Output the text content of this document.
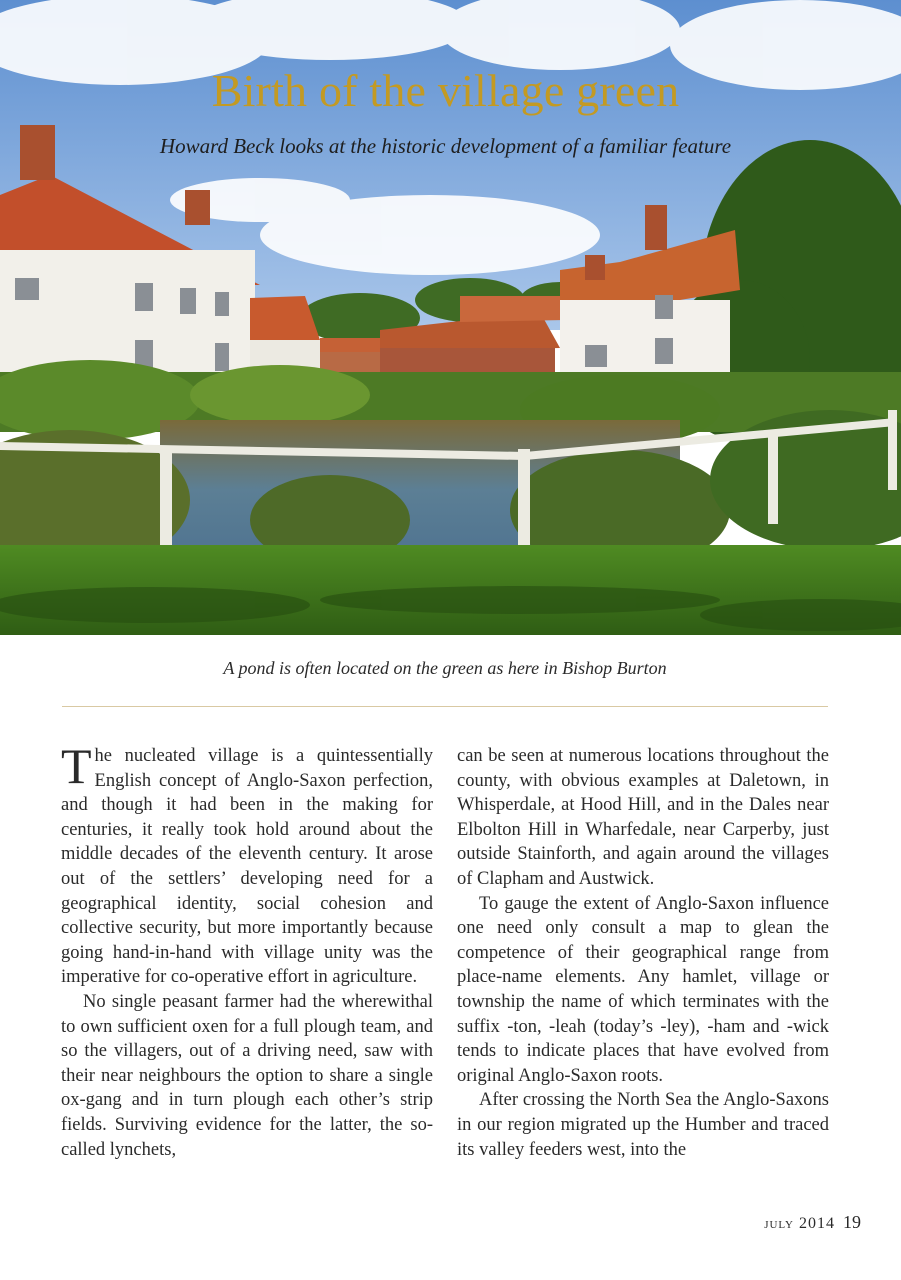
Birth of the village green

Howard Beck looks at the historic development of a familiar feature

A pond is often located on the green as here in Bishop Burton

The nucleated village is a quintessentially English concept of Anglo-Saxon perfection, and though it had been in the making for centuries, it really took hold around about the middle decades of the eleventh century. It arose out of the settlers’ developing need for a geographical identity, social cohesion and collective security, but more importantly because going hand-in-hand with village unity was the imperative for co-operative effort in agriculture.

No single peasant farmer had the wherewithal to own sufficient oxen for a full plough team, and so the villagers, out of a driving need, saw with their near neighbours the option to share a single ox-gang and in turn plough each other’s strip fields. Surviving evidence for the latter, the so-called lynchets,

can be seen at numerous locations throughout the county, with obvious examples at Daletown, in Whisperdale, at Hood Hill, and in the Dales near Elbolton Hill in Wharfedale, near Carperby, just outside Stainforth, and again around the villages of Clapham and Austwick.

To gauge the extent of Anglo-Saxon influence one need only consult a map to glean the competence of their geographical range from place-name elements. Any hamlet, village or township the name of which terminates with the suffix -ton, -leah (today’s -ley), -ham and -wick tends to indicate places that have evolved from original Anglo-Saxon roots.

After crossing the North Sea the Anglo-Saxons in our region migrated up the Humber and traced its valley feeders west, into the

july 2014 19
